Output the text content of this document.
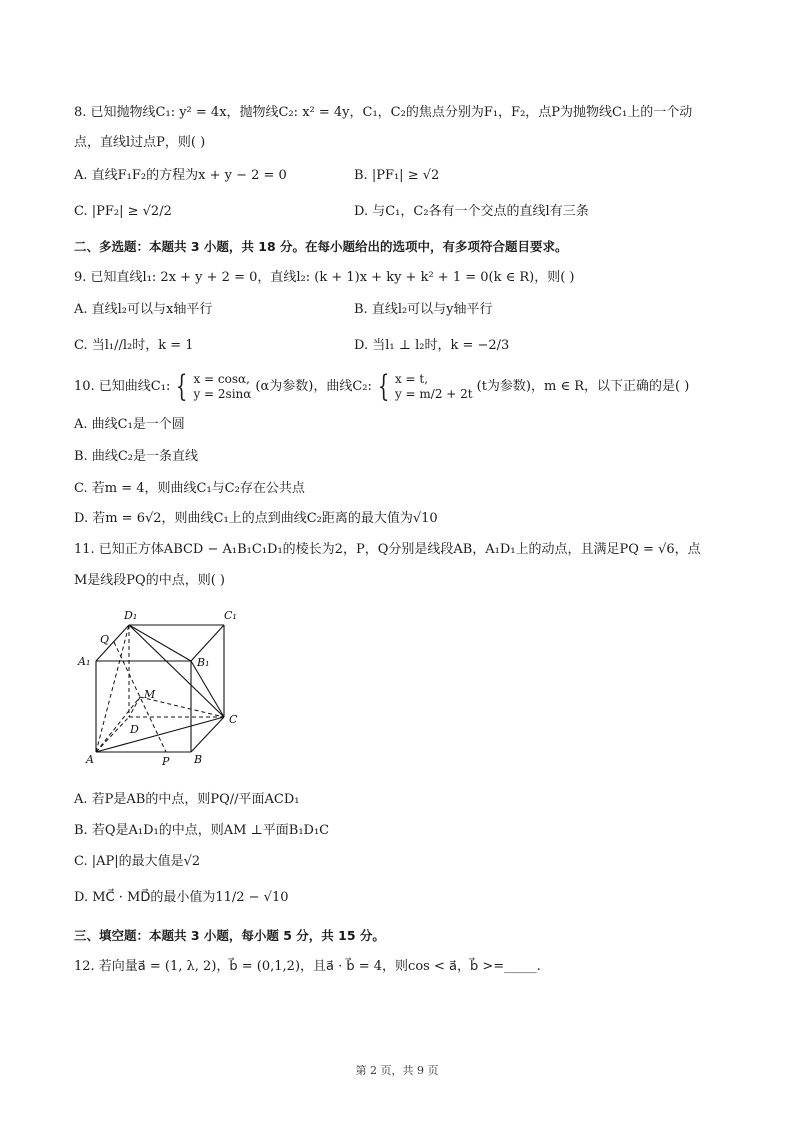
8. 已知抛物线C₁: y² = 4x，抛物线C₂: x² = 4y，C₁，C₂的焦点分别为F₁，F₂，点P为抛物线C₁上的一个动
点，直线l过点P，则( )
A. 直线F₁F₂的方程为x + y − 2 = 0	B. |PF₁| ≥ √2
C. |PF₂| ≥ √2/2	D. 与C₁，C₂各有一个交点的直线l有三条
二、多选题：本题共 3 小题，共 18 分。在每小题给出的选项中，有多项符合题目要求。
9. 已知直线l₁: 2x + y + 2 = 0，直线l₂: (k + 1)x + ky + k² + 1 = 0(k ∈ R)，则( )
A. 直线l₂可以与x轴平行	B. 直线l₂可以与y轴平行
C. 当l₁//l₂时，k = 1	D. 当l₁ ⊥ l₂时，k = −2/3
10. 已知曲线C₁: { x = cosα,
y = 2sinα (α为参数)，曲线C₂: { x = t,
y = m/2 + 2t (t为参数)，m ∈ R，以下正确的是( )
A. 曲线C₁是一个圆
B. 曲线C₂是一条直线
C. 若m = 4，则曲线C₁与C₂存在公共点
D. 若m = 6√2，则曲线C₁上的点到曲线C₂距离的最大值为√10
11. 已知正方体ABCD − A₁B₁C₁D₁的棱长为2，P，Q分别是线段AB，A₁D₁上的动点，且满足PQ = √6，点
M是线段PQ的中点，则( )
D₁	C₁
Q
A₁	B₁
M
C
D
A	P B
A. 若P是AB的中点，则PQ//平面ACD₁
B. 若Q是A₁D₁的中点，则AM ⊥平面B₁D₁C
C. |AP|的最大值是√2
D. MC⃗ · MD⃗的最小值为11/2 − √10
三、填空题：本题共 3 小题，每小题 5 分，共 15 分。
12. 若向量a⃗ = (1, λ, 2)，b⃗ = (0,1,2)，且a⃗ · b⃗ = 4，则cos < a⃗，b⃗ >=_____.
第 2 页，共 9 页
